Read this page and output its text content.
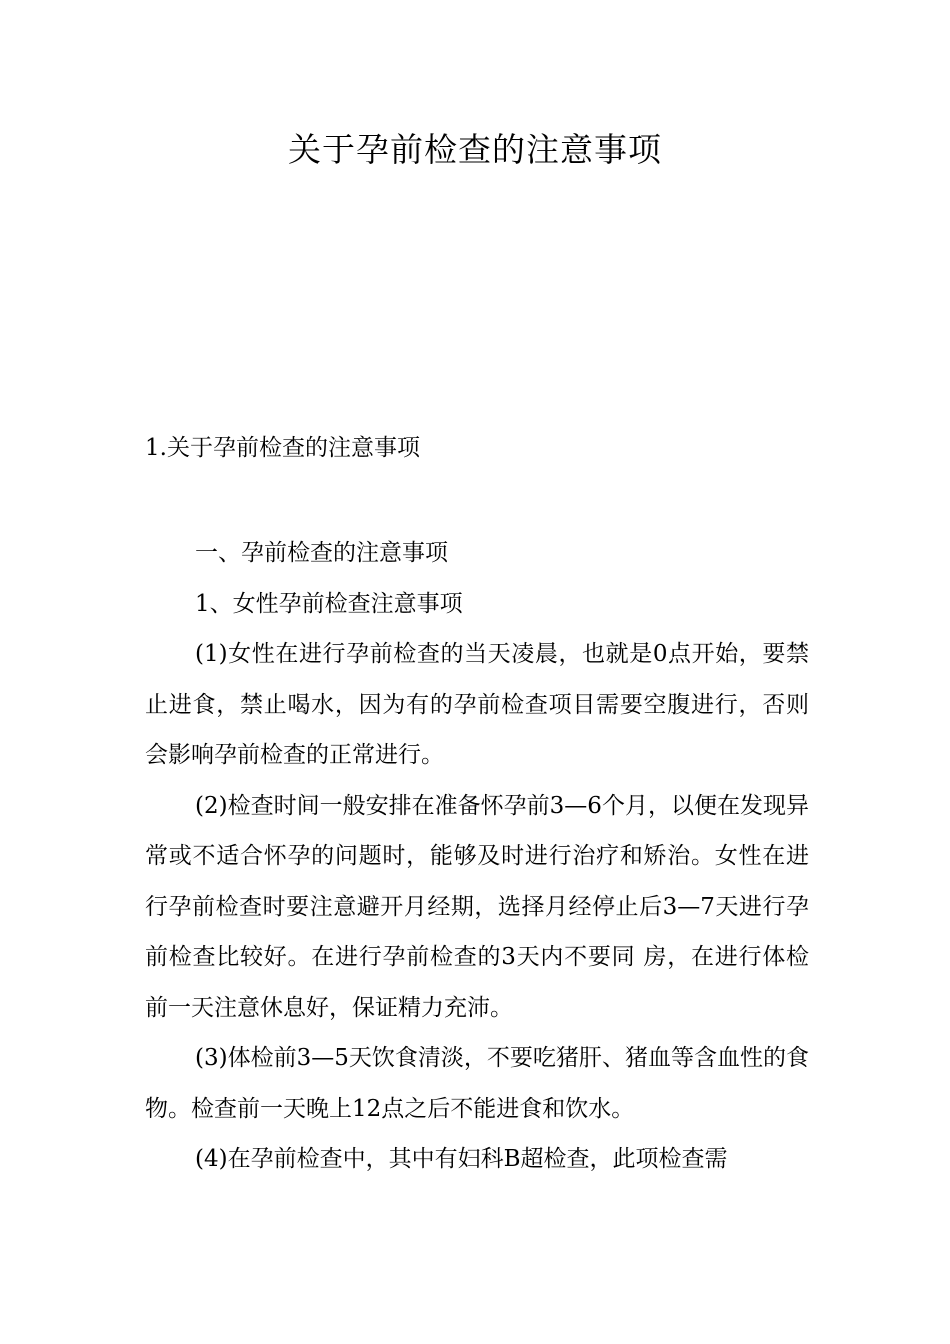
关于孕前检查的注意事项

1.关于孕前检查的注意事项

一、孕前检查的注意事项

1、女性孕前检查注意事项

(1)女性在进行孕前检查的当天凌晨，也就是0点开始，要禁止进食，禁止喝水，因为有的孕前检查项目需要空腹进行，否则会影响孕前检查的正常进行。

(2)检查时间一般安排在准备怀孕前3—6个月，以便在发现异常或不适合怀孕的问题时，能够及时进行治疗和矫治。女性在进行孕前检查时要注意避开月经期，选择月经停止后3—7天进行孕前检查比较好。在进行孕前检查的3天内不要同 房，在进行体检前一天注意休息好，保证精力充沛。

(3)体检前3—5天饮食清淡，不要吃猪肝、猪血等含血性的食物。检查前一天晚上12点之后不能进食和饮水。

(4)在孕前检查中，其中有妇科B超检查，此项检查需
